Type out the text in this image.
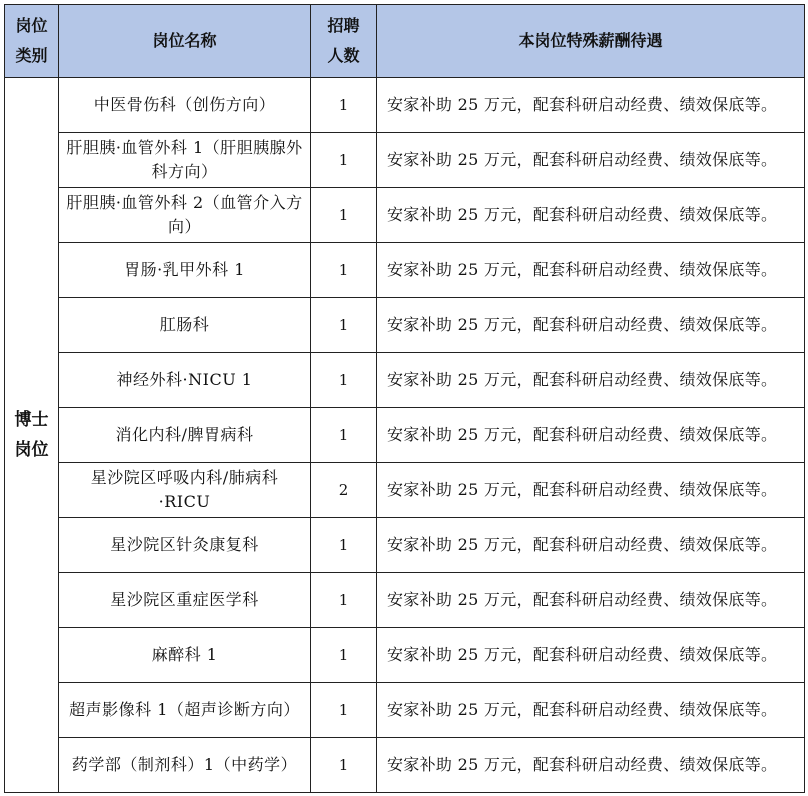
岗位类别	岗位名称	招聘人数	本岗位特殊薪酬待遇
博士岗位	中医骨伤科（创伤方向）	1	安家补助 25 万元，配套科研启动经费、绩效保底等。
	肝胆胰·血管外科 1（肝胆胰腺外科方向）	1	安家补助 25 万元，配套科研启动经费、绩效保底等。
	肝胆胰·血管外科 2（血管介入方向）	1	安家补助 25 万元，配套科研启动经费、绩效保底等。
	胃肠·乳甲外科 1	1	安家补助 25 万元，配套科研启动经费、绩效保底等。
	肛肠科	1	安家补助 25 万元，配套科研启动经费、绩效保底等。
	神经外科·NICU 1	1	安家补助 25 万元，配套科研启动经费、绩效保底等。
	消化内科/脾胃病科	1	安家补助 25 万元，配套科研启动经费、绩效保底等。
	星沙院区呼吸内科/肺病科·RICU	2	安家补助 25 万元，配套科研启动经费、绩效保底等。
	星沙院区针灸康复科	1	安家补助 25 万元，配套科研启动经费、绩效保底等。
	星沙院区重症医学科	1	安家补助 25 万元，配套科研启动经费、绩效保底等。
	麻醉科 1	1	安家补助 25 万元，配套科研启动经费、绩效保底等。
	超声影像科 1（超声诊断方向）	1	安家补助 25 万元，配套科研启动经费、绩效保底等。
	药学部（制剂科）1（中药学）	1	安家补助 25 万元，配套科研启动经费、绩效保底等。
